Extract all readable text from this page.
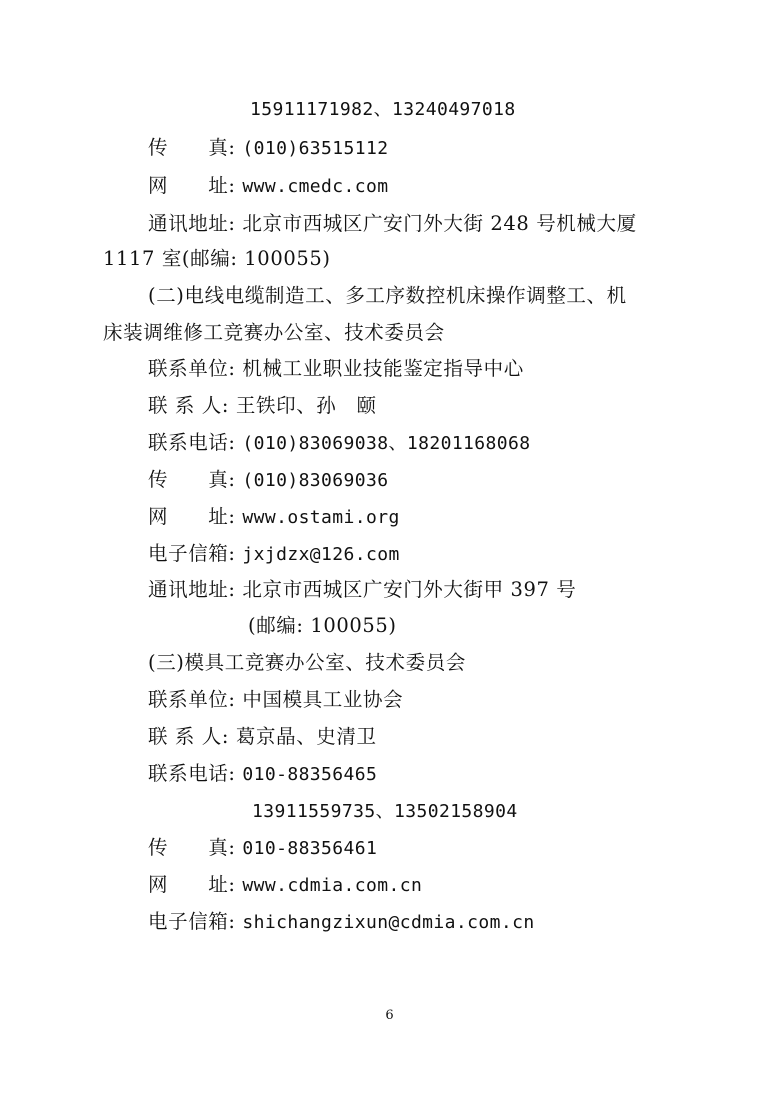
15911171982、13240497018
传　　真: (010)63515112
网　　址: www.cmedc.com
通讯地址: 北京市西城区广安门外大街 248 号机械大厦
1117 室(邮编: 100055)
(二)电线电缆制造工、多工序数控机床操作调整工、机
床装调维修工竞赛办公室、技术委员会
联系单位: 机械工业职业技能鉴定指导中心
联 系 人: 王铁印、孙　颐
联系电话: (010)83069038、18201168068
传　　真: (010)83069036
网　　址: www.ostami.org
电子信箱: jxjdzx@126.com
通讯地址: 北京市西城区广安门外大街甲 397 号
(邮编: 100055)
(三)模具工竞赛办公室、技术委员会
联系单位: 中国模具工业协会
联 系 人: 葛京晶、史清卫
联系电话: 010-88356465
13911559735、13502158904
传　　真: 010-88356461
网　　址: www.cdmia.com.cn
电子信箱: shichangzixun@cdmia.com.cn
6
